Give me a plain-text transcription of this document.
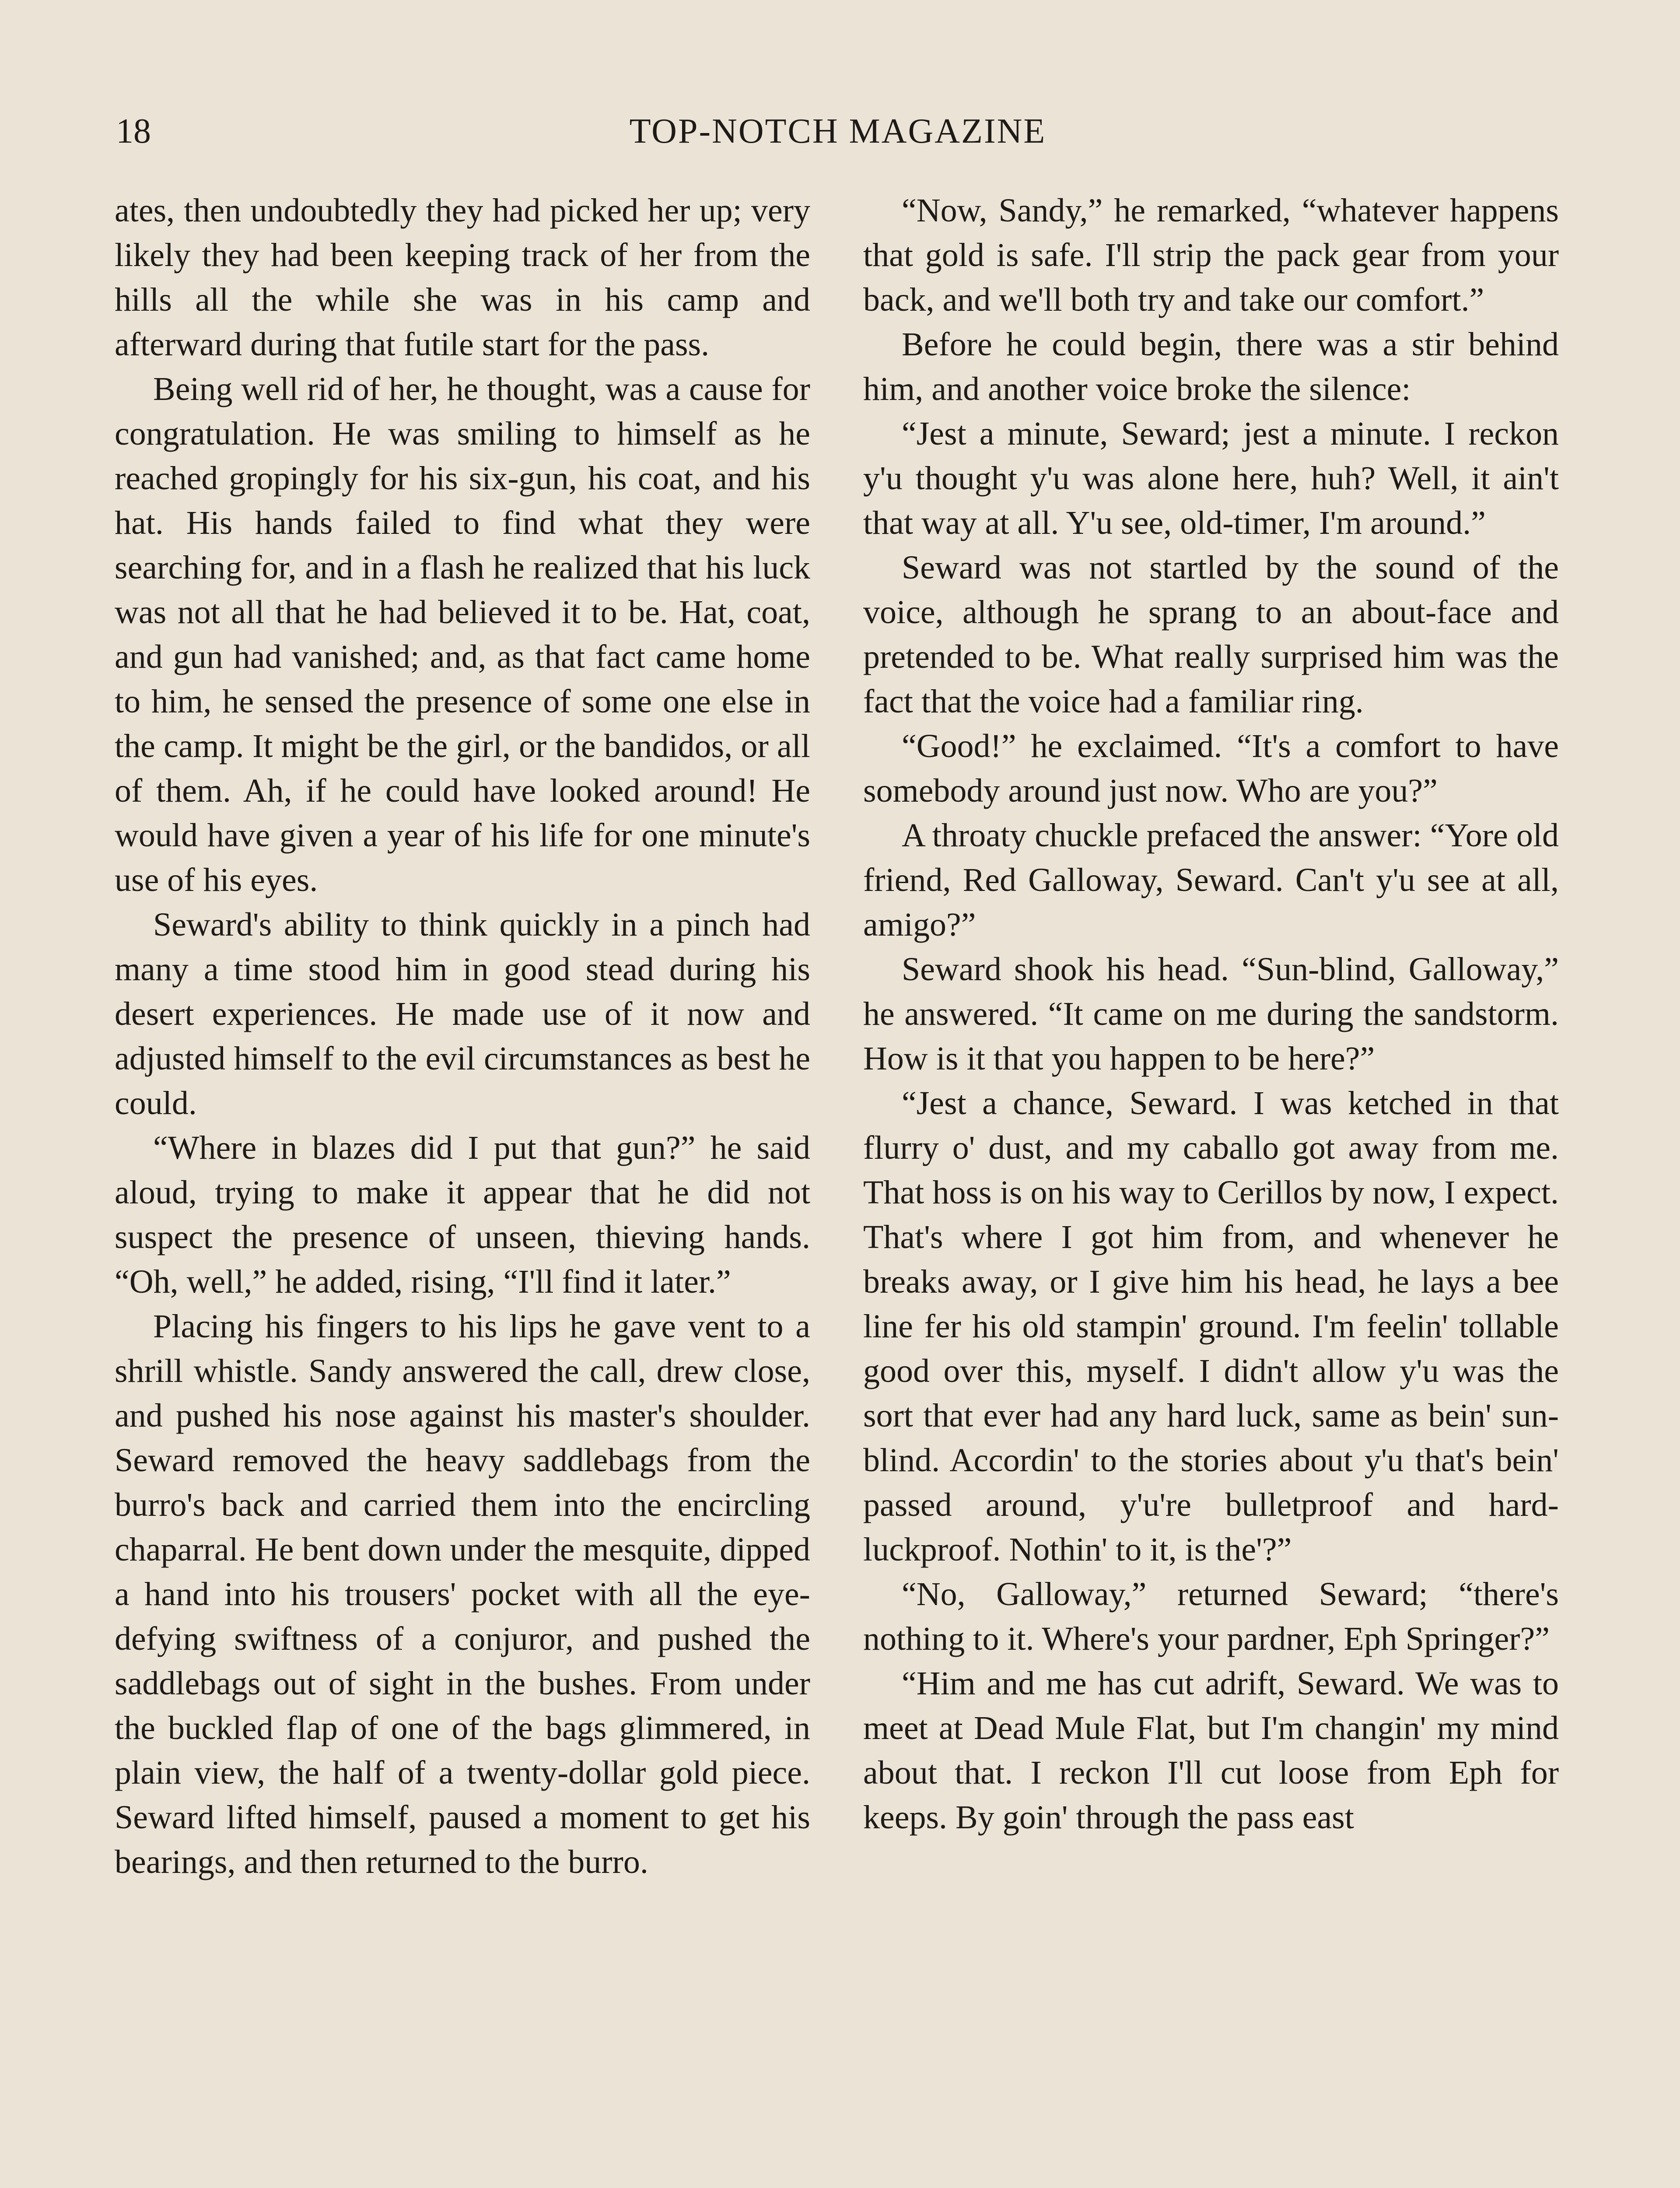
18	TOP-NOTCH MAGAZINE

ates, then undoubtedly they had picked her up; very likely they had been keeping track of her from the hills all the while she was in his camp and afterward during that futile start for the pass.

Being well rid of her, he thought, was a cause for congratulation. He was smiling to himself as he reached gropingly for his six-gun, his coat, and his hat. His hands failed to find what they were searching for, and in a flash he realized that his luck was not all that he had believed it to be. Hat, coat, and gun had vanished; and, as that fact came home to him, he sensed the presence of some one else in the camp. It might be the girl, or the bandidos, or all of them. Ah, if he could have looked around! He would have given a year of his life for one minute's use of his eyes.

Seward's ability to think quickly in a pinch had many a time stood him in good stead during his desert experiences. He made use of it now and adjusted himself to the evil circumstances as best he could.

“Where in blazes did I put that gun?” he said aloud, trying to make it appear that he did not suspect the presence of unseen, thieving hands. “Oh, well,” he added, rising, “I'll find it later.”

Placing his fingers to his lips he gave vent to a shrill whistle. Sandy answered the call, drew close, and pushed his nose against his master's shoulder. Seward removed the heavy saddlebags from the burro's back and carried them into the encircling chaparral. He bent down under the mesquite, dipped a hand into his trousers' pocket with all the eye-defying swiftness of a conjuror, and pushed the saddlebags out of sight in the bushes. From under the buckled flap of one of the bags glimmered, in plain view, the half of a twenty-dollar gold piece. Seward lifted himself, paused a moment to get his bearings, and then returned to the burro.

“Now, Sandy,” he remarked, “whatever happens that gold is safe. I'll strip the pack gear from your back, and we'll both try and take our comfort.”

Before he could begin, there was a stir behind him, and another voice broke the silence:

“Jest a minute, Seward; jest a minute. I reckon y'u thought y'u was alone here, huh? Well, it ain't that way at all. Y'u see, old-timer, I'm around.”

Seward was not startled by the sound of the voice, although he sprang to an about-face and pretended to be. What really surprised him was the fact that the voice had a familiar ring.

“Good!” he exclaimed. “It's a comfort to have somebody around just now. Who are you?”

A throaty chuckle prefaced the answer: “Yore old friend, Red Galloway, Seward. Can't y'u see at all, amigo?”

Seward shook his head. “Sun-blind, Galloway,” he answered. “It came on me during the sandstorm. How is it that you happen to be here?”

“Jest a chance, Seward. I was ketched in that flurry o' dust, and my caballo got away from me. That hoss is on his way to Cerillos by now, I expect. That's where I got him from, and whenever he breaks away, or I give him his head, he lays a bee line fer his old stampin' ground. I'm feelin' tollable good over this, myself. I didn't allow y'u was the sort that ever had any hard luck, same as bein' sun-blind. Accordin' to the stories about y'u that's bein' passed around, y'u're bulletproof and hard-luckproof. Nothin' to it, is the'?”

“No, Galloway,” returned Seward; “there's nothing to it. Where's your pardner, Eph Springer?”

“Him and me has cut adrift, Seward. We was to meet at Dead Mule Flat, but I'm changin' my mind about that. I reckon I'll cut loose from Eph for keeps. By goin' through the pass east
